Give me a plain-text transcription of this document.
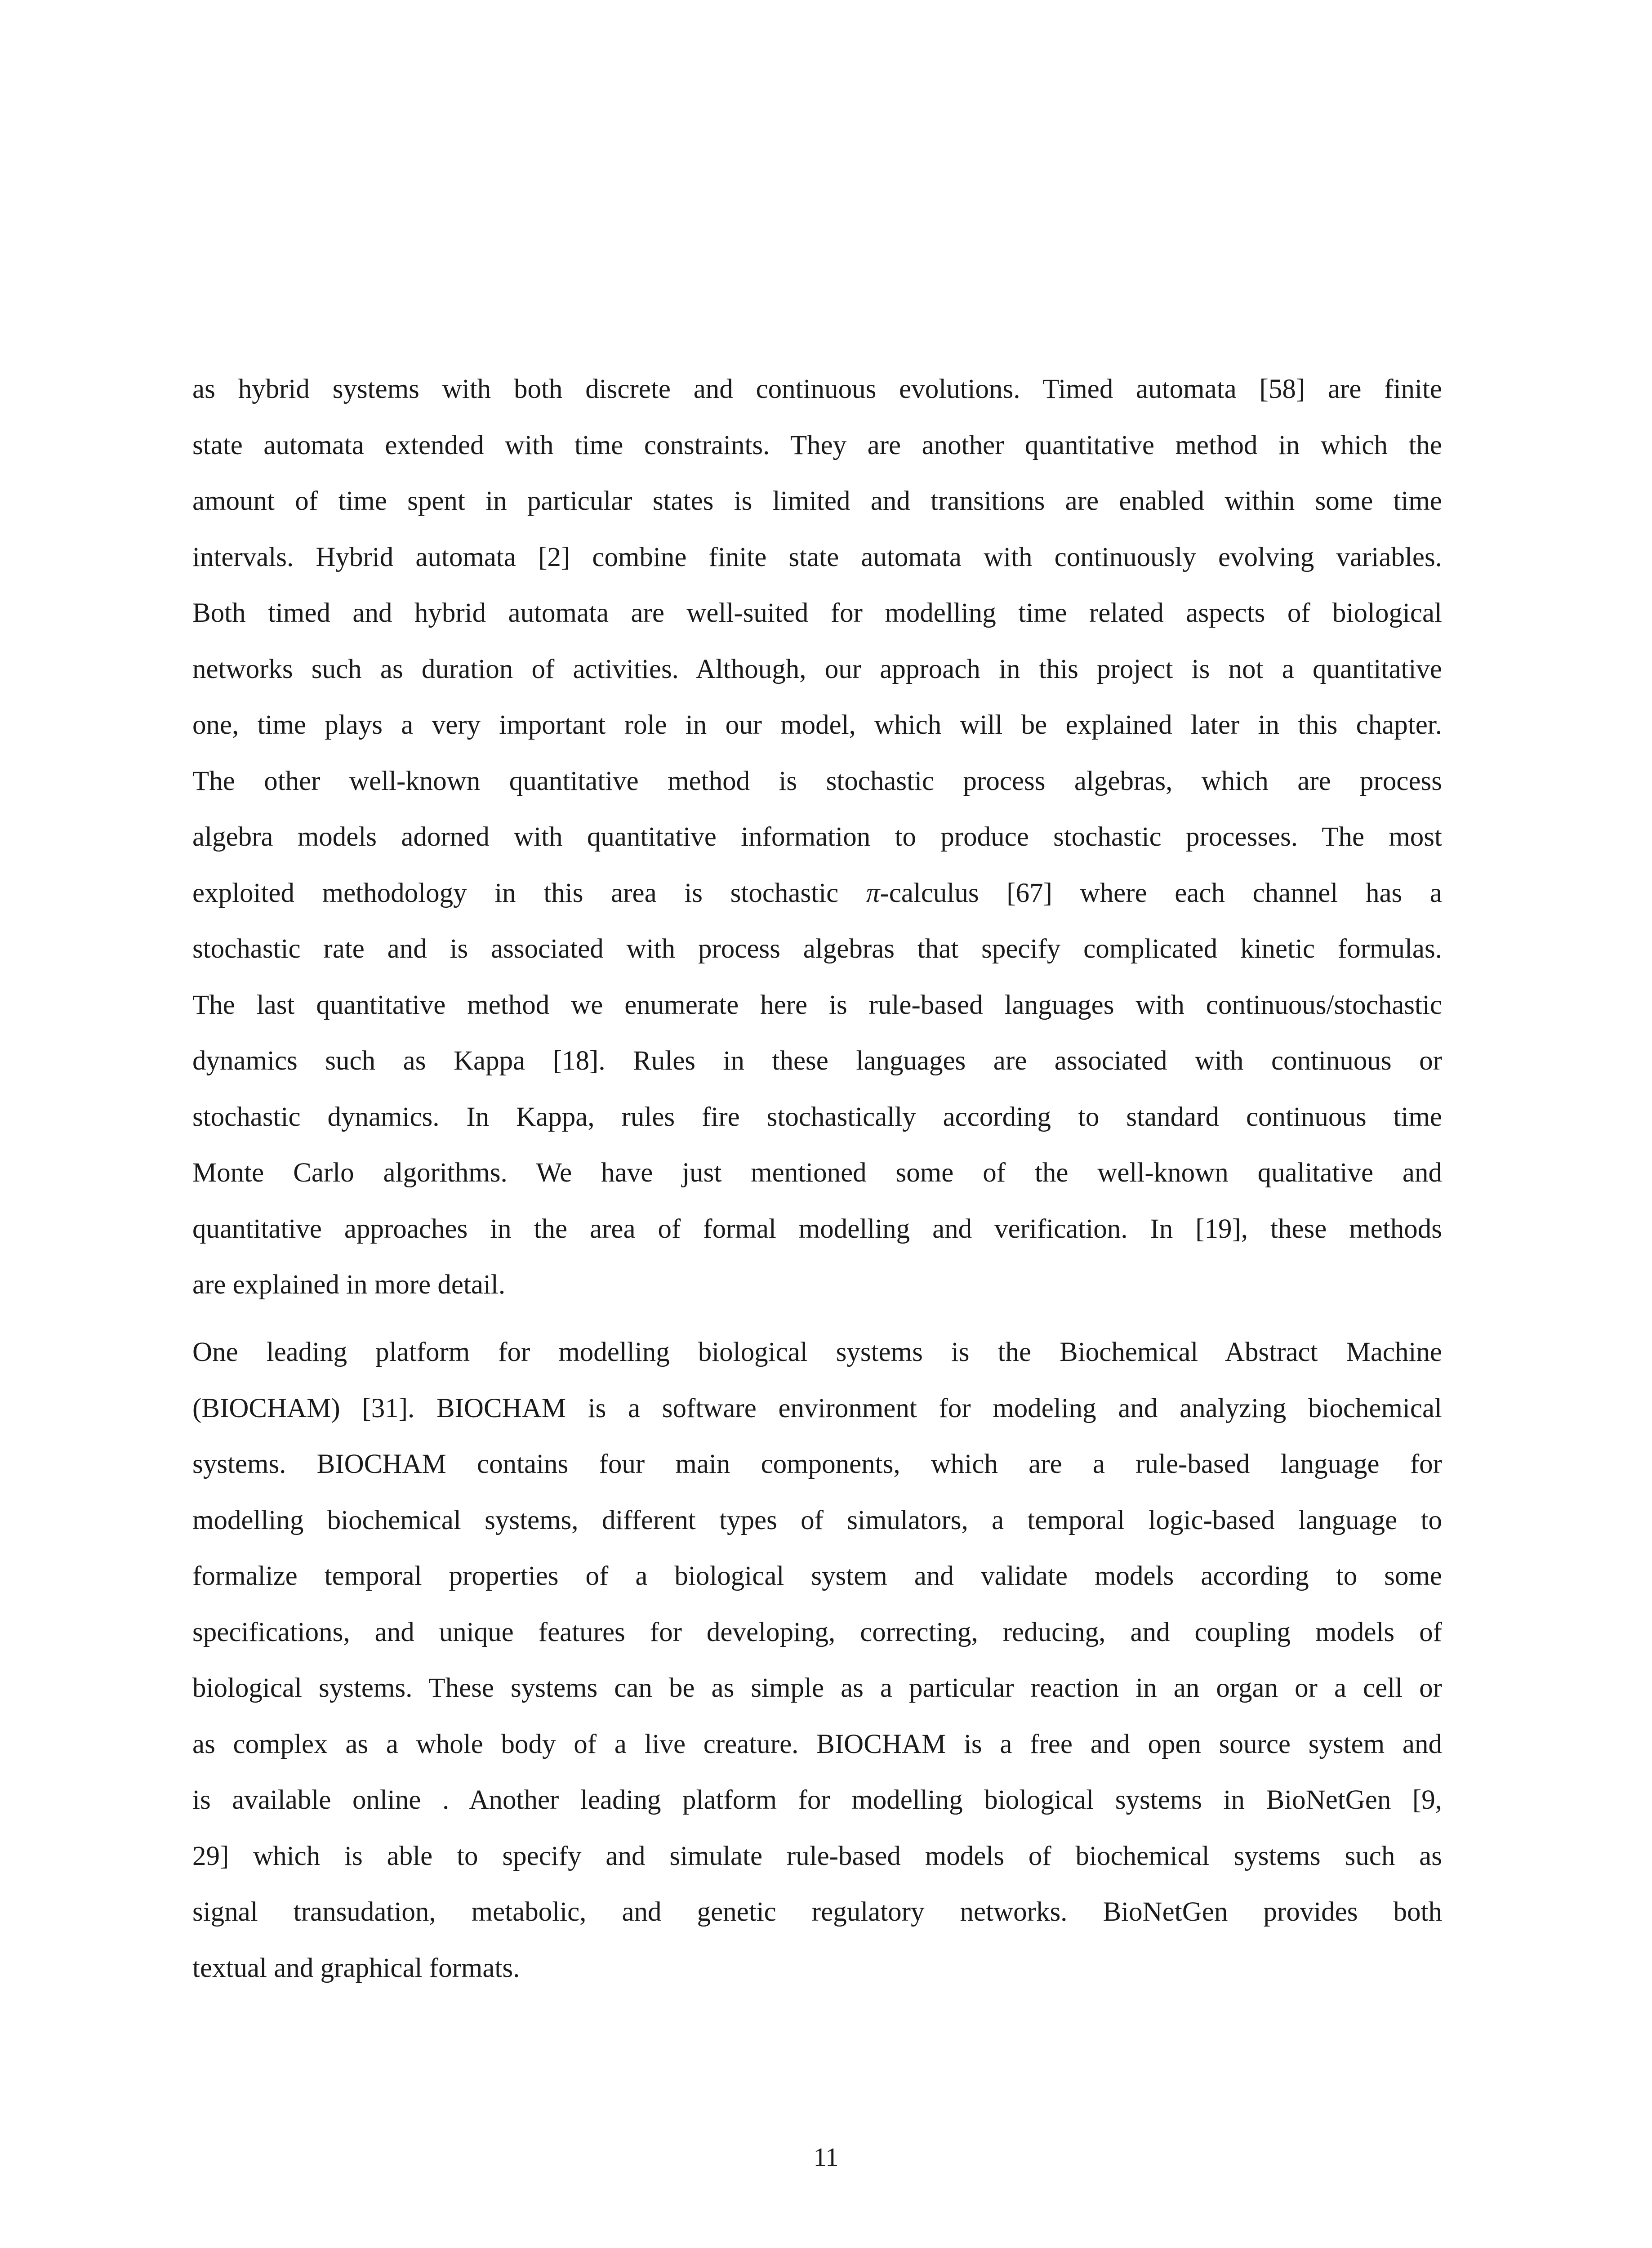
as hybrid systems with both discrete and continuous evolutions. Timed automata [58] are finite
state automata extended with time constraints. They are another quantitative method in which the
amount of time spent in particular states is limited and transitions are enabled within some time
intervals. Hybrid automata [2] combine finite state automata with continuously evolving variables.
Both timed and hybrid automata are well-suited for modelling time related aspects of biological
networks such as duration of activities. Although, our approach in this project is not a quantitative
one, time plays a very important role in our model, which will be explained later in this chapter.
The other well-known quantitative method is stochastic process algebras, which are process
algebra models adorned with quantitative information to produce stochastic processes. The most
exploited methodology in this area is stochastic π-calculus [67] where each channel has a
stochastic rate and is associated with process algebras that specify complicated kinetic formulas.
The last quantitative method we enumerate here is rule-based languages with continuous/stochastic
dynamics such as Kappa [18]. Rules in these languages are associated with continuous or
stochastic dynamics. In Kappa, rules fire stochastically according to standard continuous time
Monte Carlo algorithms. We have just mentioned some of the well-known qualitative and
quantitative approaches in the area of formal modelling and verification. In [19], these methods
are explained in more detail.
One leading platform for modelling biological systems is the Biochemical Abstract Machine
(BIOCHAM) [31]. BIOCHAM is a software environment for modeling and analyzing biochemical
systems. BIOCHAM contains four main components, which are a rule-based language for
modelling biochemical systems, different types of simulators, a temporal logic-based language to
formalize temporal properties of a biological system and validate models according to some
specifications, and unique features for developing, correcting, reducing, and coupling models of
biological systems. These systems can be as simple as a particular reaction in an organ or a cell or
as complex as a whole body of a live creature. BIOCHAM is a free and open source system and
is available online . Another leading platform for modelling biological systems in BioNetGen [9,
29] which is able to specify and simulate rule-based models of biochemical systems such as
signal transudation, metabolic, and genetic regulatory networks. BioNetGen provides both
textual and graphical formats.
11
